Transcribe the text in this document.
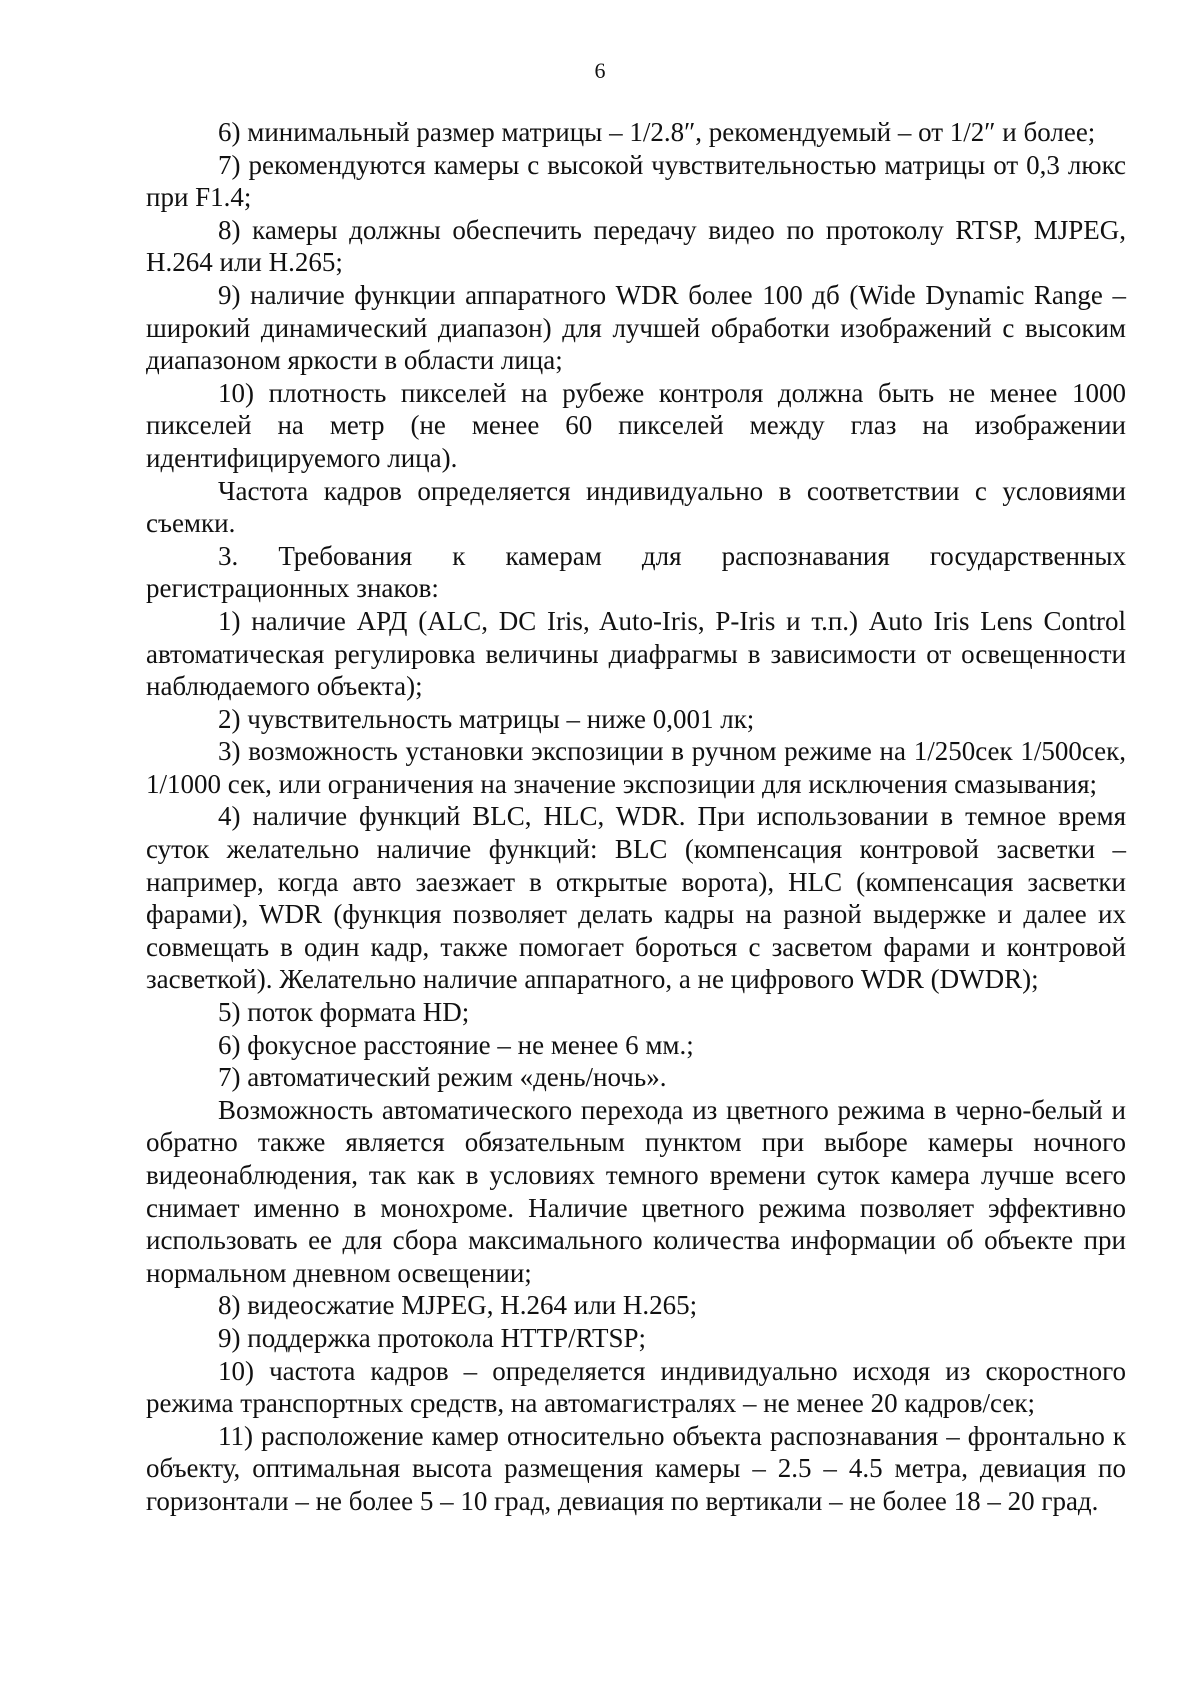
6

6) минимальный размер матрицы – 1/2.8″, рекомендуемый – от 1/2″ и более;

7) рекомендуются камеры с высокой чувствительностью матрицы от 0,3 люкс при F1.4;

8) камеры должны обеспечить передачу видео по протоколу RTSP, MJPEG, H.264 или H.265;

9) наличие функции аппаратного WDR более 100 дб (Wide Dynamic Range – широкий динамический диапазон) для лучшей обработки изображений с высоким диапазоном яркости в области лица;

10) плотность пикселей на рубеже контроля должна быть не менее 1000 пикселей на метр (не менее 60 пикселей между глаз на изображении идентифицируемого лица).

Частота кадров определяется индивидуально в соответствии с условиями съемки.

3. Требования к камерам для распознавания государственных регистрационных знаков:

1) наличие АРД (ALC, DC Iris, Auto-Iris, P-Iris и т.п.) Auto Iris Lens Control автоматическая регулировка величины диафрагмы в зависимости от освещенности наблюдаемого объекта);

2) чувствительность матрицы – ниже 0,001 лк;

3) возможность установки экспозиции в ручном режиме на 1/250сек 1/500сек, 1/1000 сек, или ограничения на значение экспозиции для исключения смазывания;

4) наличие функций BLC, HLC, WDR. При использовании в темное время суток желательно наличие функций: BLC (компенсация контровой засветки – например, когда авто заезжает в открытые ворота), HLC (компенсация засветки фарами), WDR (функция позволяет делать кадры на разной выдержке и далее их совмещать в один кадр, также помогает бороться с засветом фарами и контровой засветкой). Желательно наличие аппаратного, а не цифрового WDR (DWDR);

5) поток формата HD;

6) фокусное расстояние – не менее 6 мм.;

7) автоматический режим «день/ночь».

Возможность автоматического перехода из цветного режима в черно-белый и обратно также является обязательным пунктом при выборе камеры ночного видеонаблюдения, так как в условиях темного времени суток камера лучше всего снимает именно в монохроме. Наличие цветного режима позволяет эффективно использовать ее для сбора максимального количества информации об объекте при нормальном дневном освещении;

8) видеосжатие MJPEG, H.264 или H.265;

9) поддержка протокола HTTP/RTSP;

10) частота кадров – определяется индивидуально исходя из скоростного режима транспортных средств, на автомагистралях – не менее 20 кадров/сек;

11) расположение камер относительно объекта распознавания – фронтально к объекту, оптимальная высота размещения камеры – 2.5 – 4.5 метра, девиация по горизонтали – не более 5 – 10 град, девиация по вертикали – не более 18 – 20 град.
